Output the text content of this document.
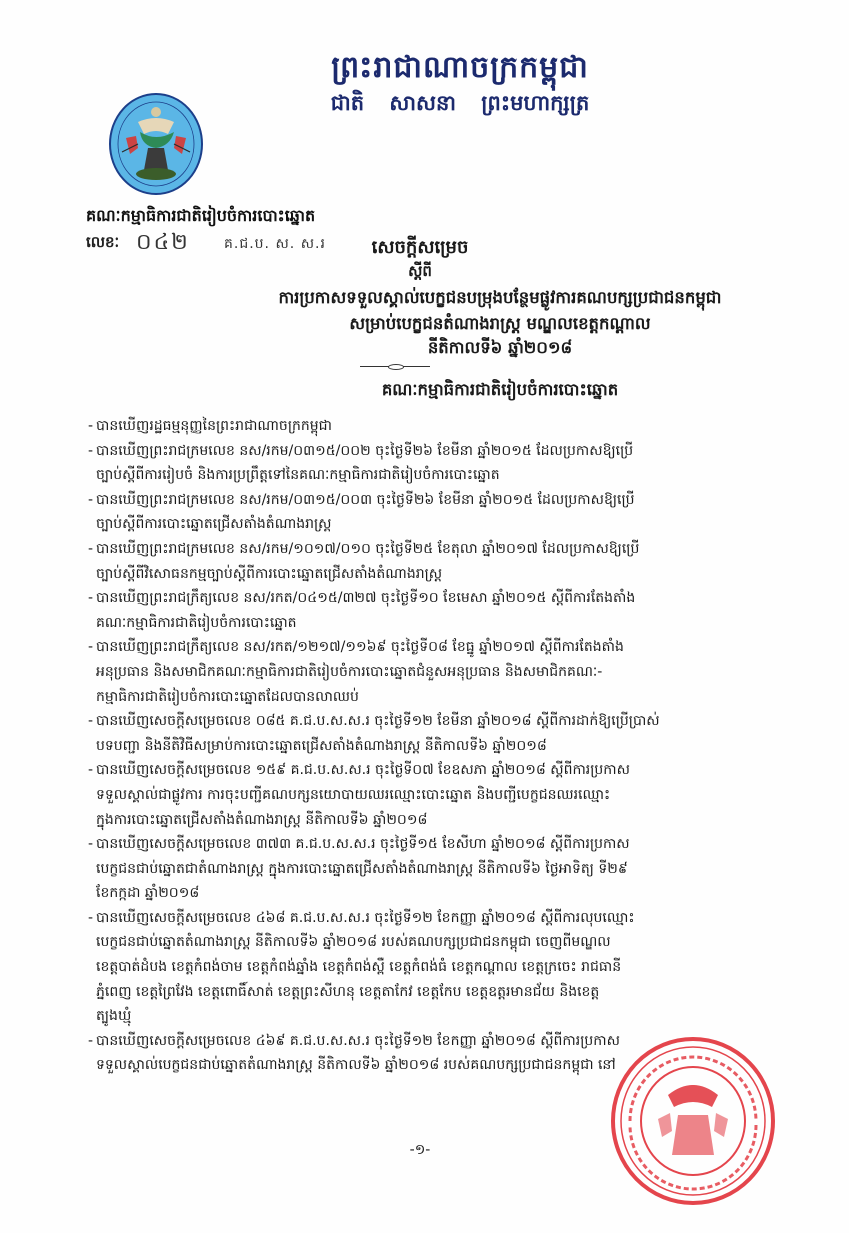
ព្រះរាជាណាចក្រកម្ពុជា
ជាតិ សាសនា ព្រះមហាក្សត្រ
គណៈកម្មាធិការជាតិរៀបចំការបោះឆ្នោត
លេខៈ ០៤២	គ.ជ.ប. ស. ស.រ	សេចក្តីសម្រេច
ស្តីពី
ការប្រកាសទទួលស្គាល់បេក្ខជនបម្រុងបន្ថែមផ្លូវការគណបក្សប្រជាជនកម្ពុជា
សម្រាប់បេក្ខជនតំណាងរាស្ត្រ មណ្ឌលខេត្តកណ្តាល
នីតិកាលទី៦ ឆ្នាំ២០១៨
គណៈកម្មាធិការជាតិរៀបចំការបោះឆ្នោត
- បានឃើញរដ្ឋធម្មនុញ្ញនៃព្រះរាជាណាចក្រកម្ពុជា
- បានឃើញព្រះរាជក្រមលេខ នស/រកម/០៣១៥/០០២ ចុះថ្ងៃទី២៦ ខែមីនា ឆ្នាំ២០១៥ ដែលប្រកាសឱ្យប្រើ
ច្បាប់ស្តីពីការរៀបចំ និងការប្រព្រឹត្តទៅនៃគណៈកម្មាធិការជាតិរៀបចំការបោះឆ្នោត
- បានឃើញព្រះរាជក្រមលេខ នស/រកម/០៣១៥/០០៣ ចុះថ្ងៃទី២៦ ខែមីនា ឆ្នាំ២០១៥ ដែលប្រកាសឱ្យប្រើ
ច្បាប់ស្តីពីការបោះឆ្នោតជ្រើសតាំងតំណាងរាស្ត្រ
- បានឃើញព្រះរាជក្រមលេខ នស/រកម/១០១៧/០១០ ចុះថ្ងៃទី២៥ ខែតុលា ឆ្នាំ២០១៧ ដែលប្រកាសឱ្យប្រើ
ច្បាប់ស្តីពីវិសោធនកម្មច្បាប់ស្តីពីការបោះឆ្នោតជ្រើសតាំងតំណាងរាស្ត្រ
- បានឃើញព្រះរាជក្រឹត្យលេខ នស/រកត/០៤១៥/៣២៧ ចុះថ្ងៃទី១០ ខែមេសា ឆ្នាំ២០១៥ ស្តីពីការតែងតាំង
គណៈកម្មាធិការជាតិរៀបចំការបោះឆ្នោត
- បានឃើញព្រះរាជក្រឹត្យលេខ នស/រកត/១២១៧/១១៦៩ ចុះថ្ងៃទី០៨ ខែធ្នូ ឆ្នាំ២០១៧ ស្តីពីការតែងតាំង
អនុប្រធាន និងសមាជិកគណៈកម្មាធិការជាតិរៀបចំការបោះឆ្នោតជំនួសអនុប្រធាន និងសមាជិកគណៈ-
កម្មាធិការជាតិរៀបចំការបោះឆ្នោតដែលបានលាឈប់
- បានឃើញសេចក្តីសម្រេចលេខ ០៨៥ គ.ជ.ប.ស.ស.រ ចុះថ្ងៃទី១២ ខែមីនា ឆ្នាំ២០១៨ ស្តីពីការដាក់ឱ្យប្រើប្រាស់
បទបញ្ជា និងនីតិវិធីសម្រាប់ការបោះឆ្នោតជ្រើសតាំងតំណាងរាស្ត្រ នីតិកាលទី៦ ឆ្នាំ២០១៨
- បានឃើញសេចក្តីសម្រេចលេខ ១៥៩ គ.ជ.ប.ស.ស.រ ចុះថ្ងៃទី០៧ ខែឧសភា ឆ្នាំ២០១៨ ស្តីពីការប្រកាស
ទទួលស្គាល់ជាផ្លូវការ ការចុះបញ្ជីគណបក្សនយោបាយឈរឈ្មោះបោះឆ្នោត និងបញ្ជីបេក្ខជនឈរឈ្មោះ
ក្នុងការបោះឆ្នោតជ្រើសតាំងតំណាងរាស្ត្រ នីតិកាលទី៦ ឆ្នាំ២០១៨
- បានឃើញសេចក្តីសម្រេចលេខ ៣៧៣ គ.ជ.ប.ស.ស.រ ចុះថ្ងៃទី១៥ ខែសីហា ឆ្នាំ២០១៨ ស្តីពីការប្រកាស
បេក្ខជនជាប់ឆ្នោតជាតំណាងរាស្ត្រ ក្នុងការបោះឆ្នោតជ្រើសតាំងតំណាងរាស្ត្រ នីតិកាលទី៦ ថ្ងៃអាទិត្យ ទី២៩
ខែកក្កដា ឆ្នាំ២០១៨
- បានឃើញសេចក្តីសម្រេចលេខ ៤៦៨ គ.ជ.ប.ស.ស.រ ចុះថ្ងៃទី១២ ខែកញ្ញា ឆ្នាំ២០១៨ ស្តីពីការលុបឈ្មោះ
បេក្ខជនជាប់ឆ្នោតតំណាងរាស្ត្រ នីតិកាលទី៦ ឆ្នាំ២០១៨ របស់គណបក្សប្រជាជនកម្ពុជា ចេញពីមណ្ឌល
ខេត្តបាត់ដំបង ខេត្តកំពង់ចាម ខេត្តកំពង់ឆ្នាំង ខេត្តកំពង់ស្ពឺ ខេត្តកំពង់ធំ ខេត្តកណ្តាល ខេត្តក្រចេះ រាជធានី
ភ្នំពេញ ខេត្តព្រៃវែង ខេត្តពោធិ៍សាត់ ខេត្តព្រះសីហនុ ខេត្តតាកែវ ខេត្តកែប ខេត្តឧត្តរមានជ័យ និងខេត្ត
ត្បូងឃ្មុំ
- បានឃើញសេចក្តីសម្រេចលេខ ៤៦៩ គ.ជ.ប.ស.ស.រ ចុះថ្ងៃទី១២ ខែកញ្ញា ឆ្នាំ២០១៨ ស្តីពីការប្រកាស
ទទួលស្គាល់បេក្ខជនជាប់ឆ្នោតតំណាងរាស្ត្រ នីតិកាលទី៦ ឆ្នាំ២០១៨ របស់គណបក្សប្រជាជនកម្ពុជា នៅ
-១-
